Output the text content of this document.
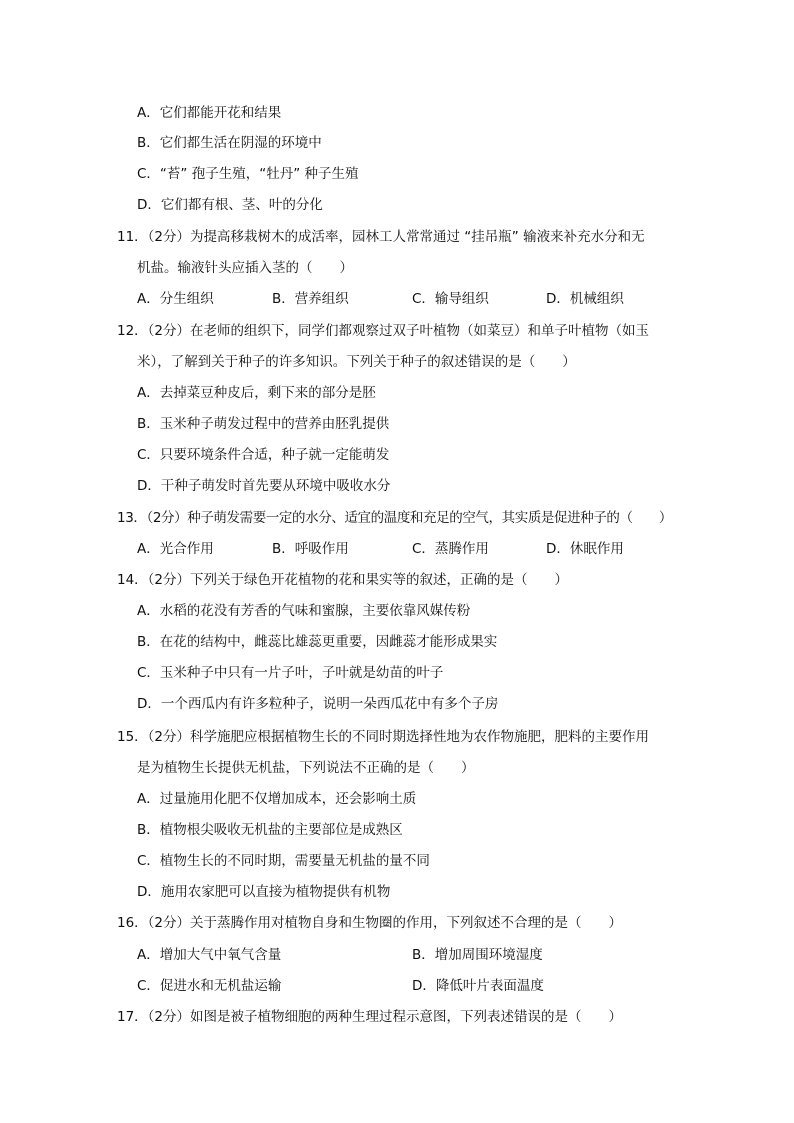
A．它们都能开花和结果
B．它们都生活在阴湿的环境中
C．“苔” 孢子生殖，“牡丹” 种子生殖
D．它们都有根、茎、叶的分化
11．（2分）为提高移栽树木的成活率，园林工人常常通过 “挂吊瓶” 输液来补充水分和无
机盐。输液针头应插入茎的（　　）
A．分生组织	B．营养组织	C．输导组织	D．机械组织
12．（2分）在老师的组织下，同学们都观察过双子叶植物（如菜豆）和单子叶植物（如玉
米），了解到关于种子的许多知识。下列关于种子的叙述错误的是（　　）
A．去掉菜豆种皮后，剩下来的部分是胚
B．玉米种子萌发过程中的营养由胚乳提供
C．只要环境条件合适，种子就一定能萌发
D．干种子萌发时首先要从环境中吸收水分
13．（2分）种子萌发需要一定的水分、适宜的温度和充足的空气，其实质是促进种子的（　　）
A．光合作用	B．呼吸作用	C．蒸腾作用	D．休眠作用
14．（2分）下列关于绿色开花植物的花和果实等的叙述，正确的是（　　）
A．水稻的花没有芳香的气味和蜜腺，主要依靠风媒传粉
B．在花的结构中，雌蕊比雄蕊更重要，因雌蕊才能形成果实
C．玉米种子中只有一片子叶，子叶就是幼苗的叶子
D．一个西瓜内有许多粒种子，说明一朵西瓜花中有多个子房
15．（2分）科学施肥应根据植物生长的不同时期选择性地为农作物施肥，肥料的主要作用
是为植物生长提供无机盐，下列说法不正确的是（　　）
A．过量施用化肥不仅增加成本，还会影响土质
B．植物根尖吸收无机盐的主要部位是成熟区
C．植物生长的不同时期，需要量无机盐的量不同
D．施用农家肥可以直接为植物提供有机物
16．（2分）关于蒸腾作用对植物自身和生物圈的作用，下列叙述不合理的是（　　）
A．增加大气中氧气含量	B．增加周围环境湿度
C．促进水和无机盐运输	D．降低叶片表面温度
17．（2分）如图是被子植物细胞的两种生理过程示意图，下列表述错误的是（　　）
